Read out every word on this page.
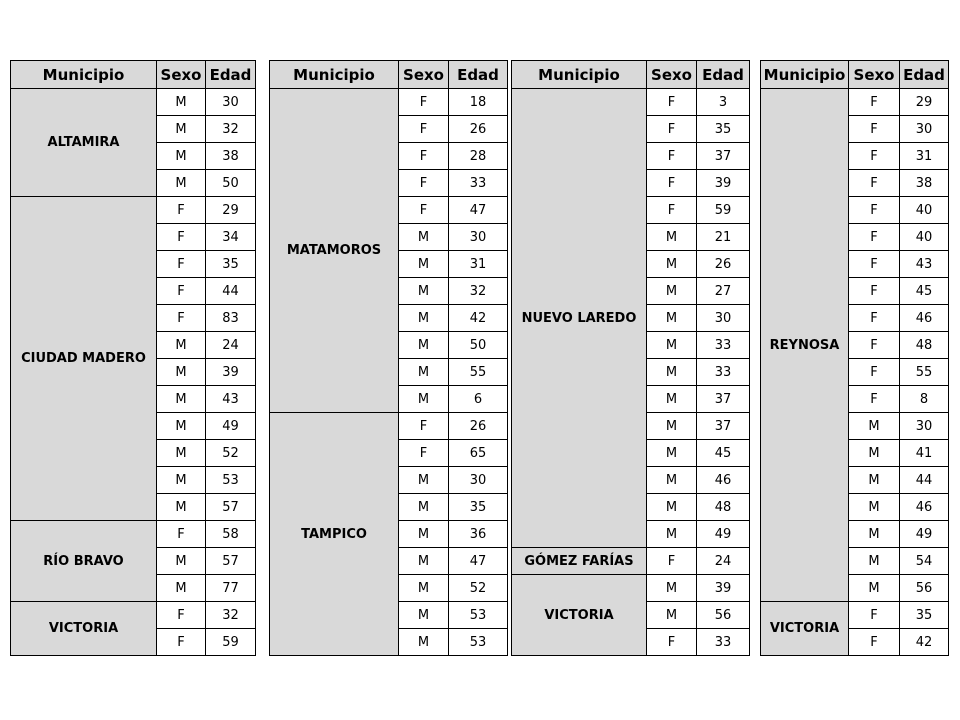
Municipio	Sexo	Edad
ALTAMIRA	M	30
	M	32
	M	38
	M	50
CIUDAD MADERO	F	29
	F	34
	F	35
	F	44
	F	83
	M	24
	M	39
	M	43
	M	49
	M	52
	M	53
	M	57
RÍO BRAVO	F	58
	M	57
	M	77
VICTORIA	F	32
	F	59
Municipio	Sexo	Edad
MATAMOROS	F	18
	F	26
	F	28
	F	33
	F	47
	M	30
	M	31
	M	32
	M	42
	M	50
	M	55
	M	6
TAMPICO	F	26
	F	65
	M	30
	M	35
	M	36
	M	47
	M	52
	M	53
	M	53
Municipio	Sexo	Edad
NUEVO LAREDO	F	3
	F	35
	F	37
	F	39
	F	59
	M	21
	M	26
	M	27
	M	30
	M	33
	M	33
	M	37
	M	37
	M	45
	M	46
	M	48
	M	49
GÓMEZ FARÍAS	F	24
VICTORIA	M	39
	M	56
	F	33
Municipio	Sexo	Edad
REYNOSA	F	29
	F	30
	F	31
	F	38
	F	40
	F	40
	F	43
	F	45
	F	46
	F	48
	F	55
	F	8
	M	30
	M	41
	M	44
	M	46
	M	49
	M	54
	M	56
VICTORIA	F	35
	F	42
